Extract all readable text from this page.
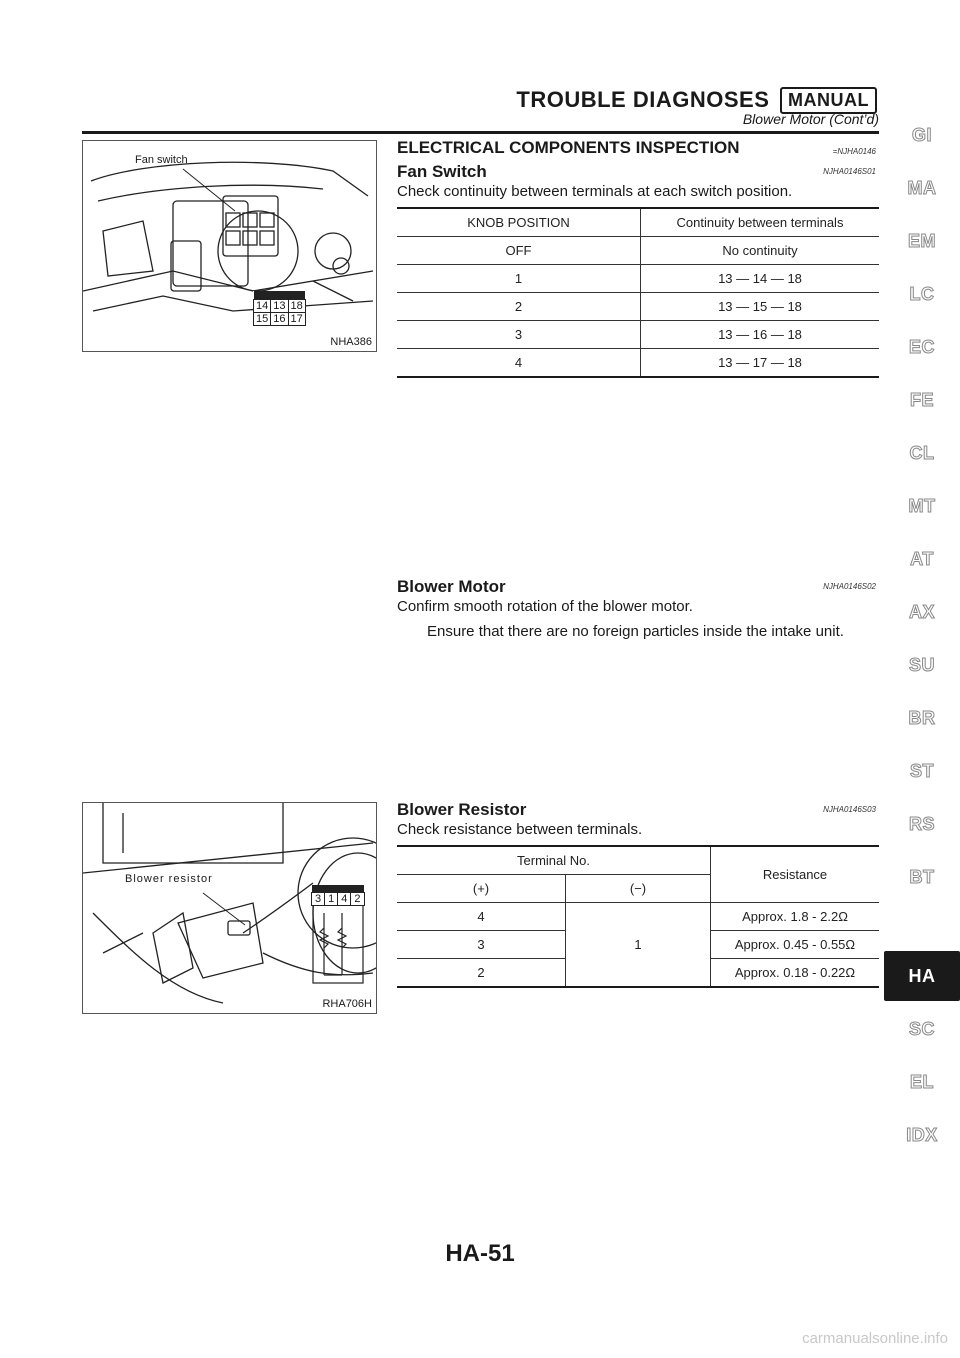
TROUBLE DIAGNOSES MANUAL
Blower Motor (Cont’d)
Fan switch

14	13	18
15	16	17
NHA386
ELECTRICAL COMPONENTS INSPECTION	=NJHA0146
Fan Switch	NJHA0146S01
Check continuity between terminals at each switch position.
KNOB POSITION	Continuity between terminals
OFF	No continuity
1	13 — 14 — 18
2	13 — 15 — 18
3	13 — 16 — 18
4	13 — 17 — 18
Blower Motor	NJHA0146S02
Confirm smooth rotation of the blower motor.
Ensure that there are no foreign particles inside the intake unit.
Blower resistor

3	1	4	2
RHA706H
Blower Resistor	NJHA0146S03
Check resistance between terminals.
Terminal No.		Resistance
(+)	(−)	
4	1	Approx. 1.8 - 2.2Ω
3		Approx. 0.45 - 0.55Ω
2		Approx. 0.18 - 0.22Ω
GI
MA
EM
LC
EC
FE
CL
MT
AT
AX
SU
BR
ST
RS
BT
HA
SC
EL
IDX
HA-51
carmanualsonline.info
